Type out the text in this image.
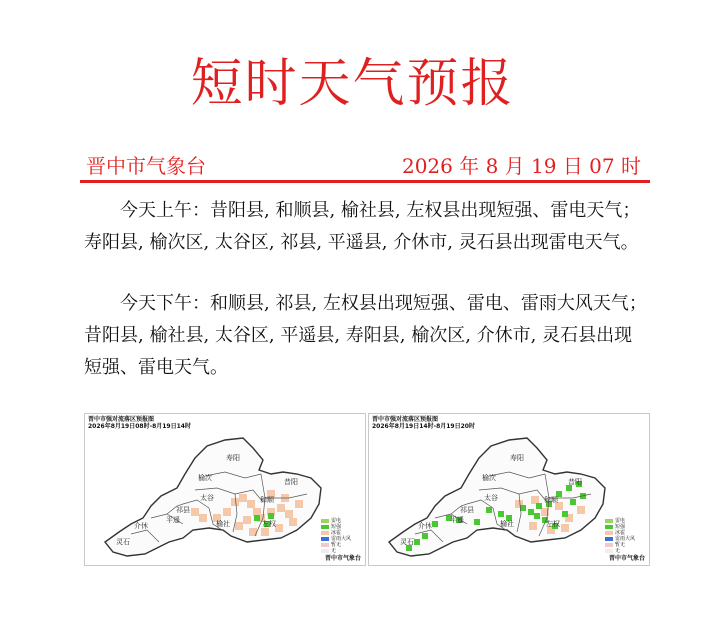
短时天气预报
晋中市气象台	2026 年 8 月 19 日 07 时
今天上午：昔阳县, 和顺县, 榆社县, 左权县出现短强、雷电天气；
寿阳县, 榆次区, 太谷区, 祁县, 平遥县, 介休市, 灵石县出现雷电天气。
今天下午：和顺县, 祁县, 左权县出现短强、雷电、雷雨大风天气；
昔阳县, 榆社县, 太谷区, 平遥县, 寿阳县, 榆次区, 介休市, 灵石县出现
短强、雷电天气。
晋中市强对流落区预报图
2026年8月19日08时-8月19日14时
寿阳
榆次	昔阳
太谷	和顺
祁县
榆社
平遥
介休	左权
灵石
雷电
短强
冰雹
雷雨大风
暂无
无
晋中市气象台
晋中市强对流落区预报图
2026年8月19日14时-8月19日20时
寿阳
榆次	昔阳
太谷	和顺
祁县
榆社
平遥
介休	左权
灵石
雷电
短强
冰雹
雷雨大风
暂无
无
晋中市气象台
